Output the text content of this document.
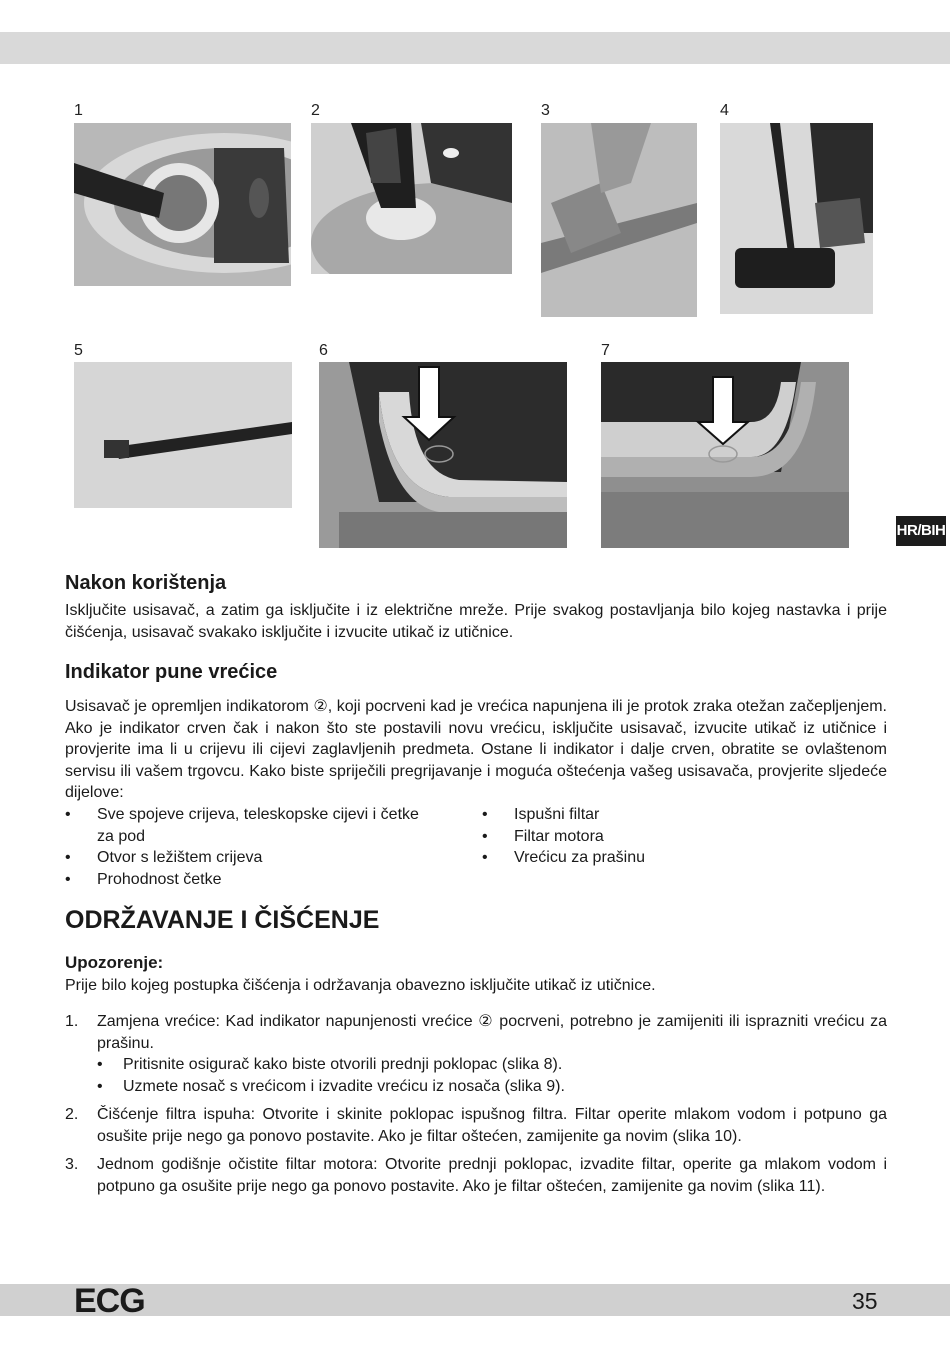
1	2	3	4
5	6	7
HR/BIH
Nakon korištenja
Isključite usisavač, a zatim ga isključite i iz električne mreže. Prije svakog postavljanja bilo kojeg nastavka i prije čišćenja, usisavač svakako isključite i izvucite utikač iz utičnice.
Indikator pune vrećice
Usisavač je opremljen indikatorom ②, koji pocrveni kad je vrećica napunjena ili je protok zraka otežan začepljenjem. Ako je indikator crven čak i nakon što ste postavili novu vrećicu, isključite usisavač, izvucite utikač iz utičnice i provjerite ima li u crijevu ili cijevi zaglavljenih predmeta. Ostane li indikator i dalje crven, obratite se ovlaštenom servisu ili vašem trgovcu. Kako biste spriječili pregrijavanje i moguća oštećenja vašeg usisavača, provjerite sljedeće dijelove:
• Sve spojeve crijeva, teleskopske cijevi i četke za pod
• Otvor s ležištem crijeva
• Prohodnost četke
• Ispušni filtar
• Filtar motora
• Vrećicu za prašinu
ODRŽAVANJE I ČIŠĆENJE
Upozorenje:
Prije bilo kojeg postupka čišćenja i održavanja obavezno isključite utikač iz utičnice.
1. Zamjena vrećice: Kad indikator napunjenosti vrećice ② pocrveni, potrebno je zamijeniti ili isprazniti vrećicu za prašinu.
• Pritisnite osigurač kako biste otvorili prednji poklopac (slika 8).
• Uzmete nosač s vrećicom i izvadite vrećicu iz nosača (slika 9).
2. Čišćenje filtra ispuha: Otvorite i skinite poklopac ispušnog filtra. Filtar operite mlakom vodom i potpuno ga osušite prije nego ga ponovo postavite. Ako je filtar oštećen, zamijenite ga novim (slika 10).
3. Jednom godišnje očistite filtar motora: Otvorite prednji poklopac, izvadite filtar, operite ga mlakom vodom i potpuno ga osušite prije nego ga ponovo postavite. Ako je filtar oštećen, zamijenite ga novim (slika 11).
ECG	35
